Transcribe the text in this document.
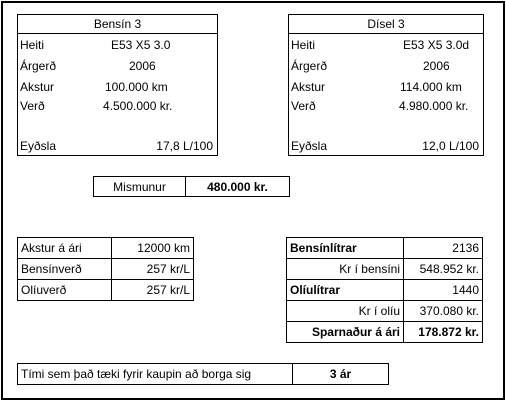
Bensín 3
Heiti	E53 X5 3.0
Árgerð	2006
Akstur	100.000 km
Verð	4.500.000 kr.
Eyðsla	17,8 L/100
Dísel 3
Heiti	E53 X5 3.0d
Árgerð	2006
Akstur	114.000 km
Verð	4.980.000 kr.
Eyðsla	12,0 L/100
Mismunur	480.000 kr.
Akstur á ári	12000 km
Bensínverð	257 kr/L
Olíuverð	257 kr/L
Bensínlítrar	2136
Kr í bensíni	548.952 kr.
Olíulítrar	1440
Kr í olíu	370.080 kr.
Sparnaður á ári	178.872 kr.
Tími sem það tæki fyrir kaupin að borga sig	3 ár
